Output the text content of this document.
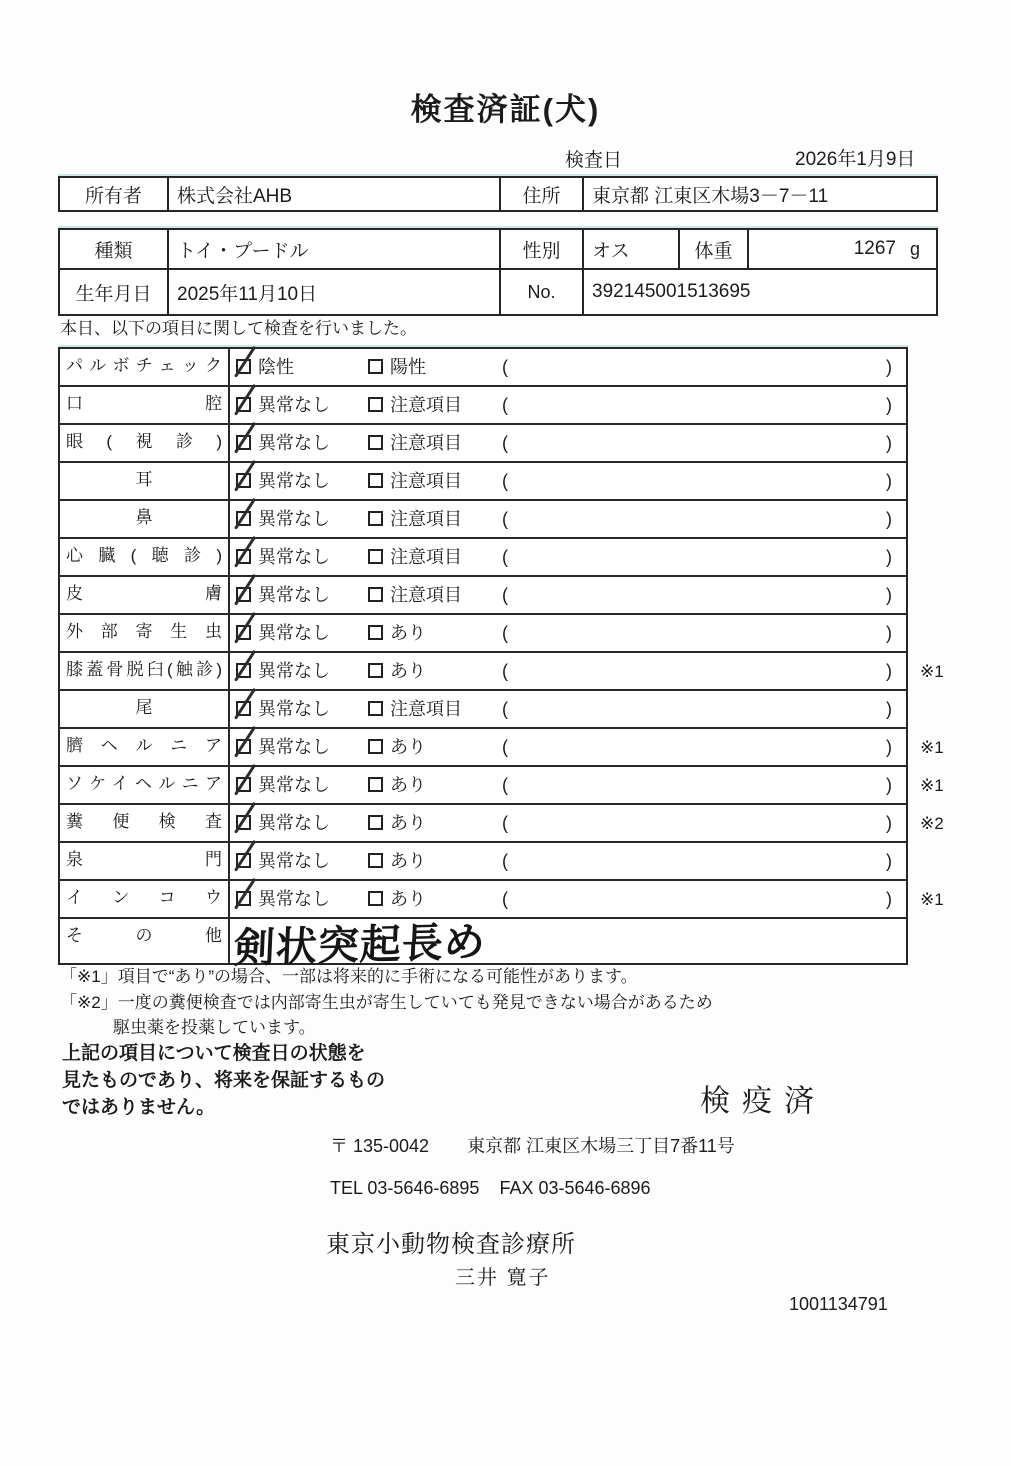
検査済証(犬)
検査日	2026年1月9日
所有者	株式会社AHB	住所	東京都 江東区木場3－7－11
種類	トイ・プードル	性別	オス	体重	1267 g
生年月日	2025年11月10日	No.	392145001513695
本日、以下の項目に関して検査を行いました。
パルボチェック	陰性	陽性	(	)
口腔	異常なし	注意項目 (	)
眼(視診)	異常なし	注意項目 (	)
耳	異常なし	注意項目 (	)
鼻	異常なし	注意項目 (	)
心臓(聴診)	異常なし	注意項目 (	)
皮膚	異常なし	注意項目 (	)
外部寄生虫	異常なし	あり	(	)
膝蓋骨脱臼(触診)	異常なし	あり	(	) ※1
尾	異常なし	注意項目 (	)
臍ヘルニア	異常なし	あり	(	) ※1
ソケイヘルニア	異常なし	あり	(	) ※1
糞便検査	異常なし	あり	(	) ※2
泉門	異常なし	あり	(	)
インコウ	異常なし	あり	(	) ※1
その他 剣状突起長め
「※1」項目で“あり”の場合、一部は将来的に手術になる可能性があります。
「※2」一度の糞便検査では内部寄生虫が寄生していても発見できない場合があるため
駆虫薬を投薬しています。
上記の項目について検査日の状態を
見たものであり、将来を保証するもの
ではありません。	検疫済
〒 135-0042 東京都 江東区木場三丁目7番11号
TEL 03-5646-6895 FAX 03-5646-6896
東京小動物検査診療所
三井 寛子
1001134791
